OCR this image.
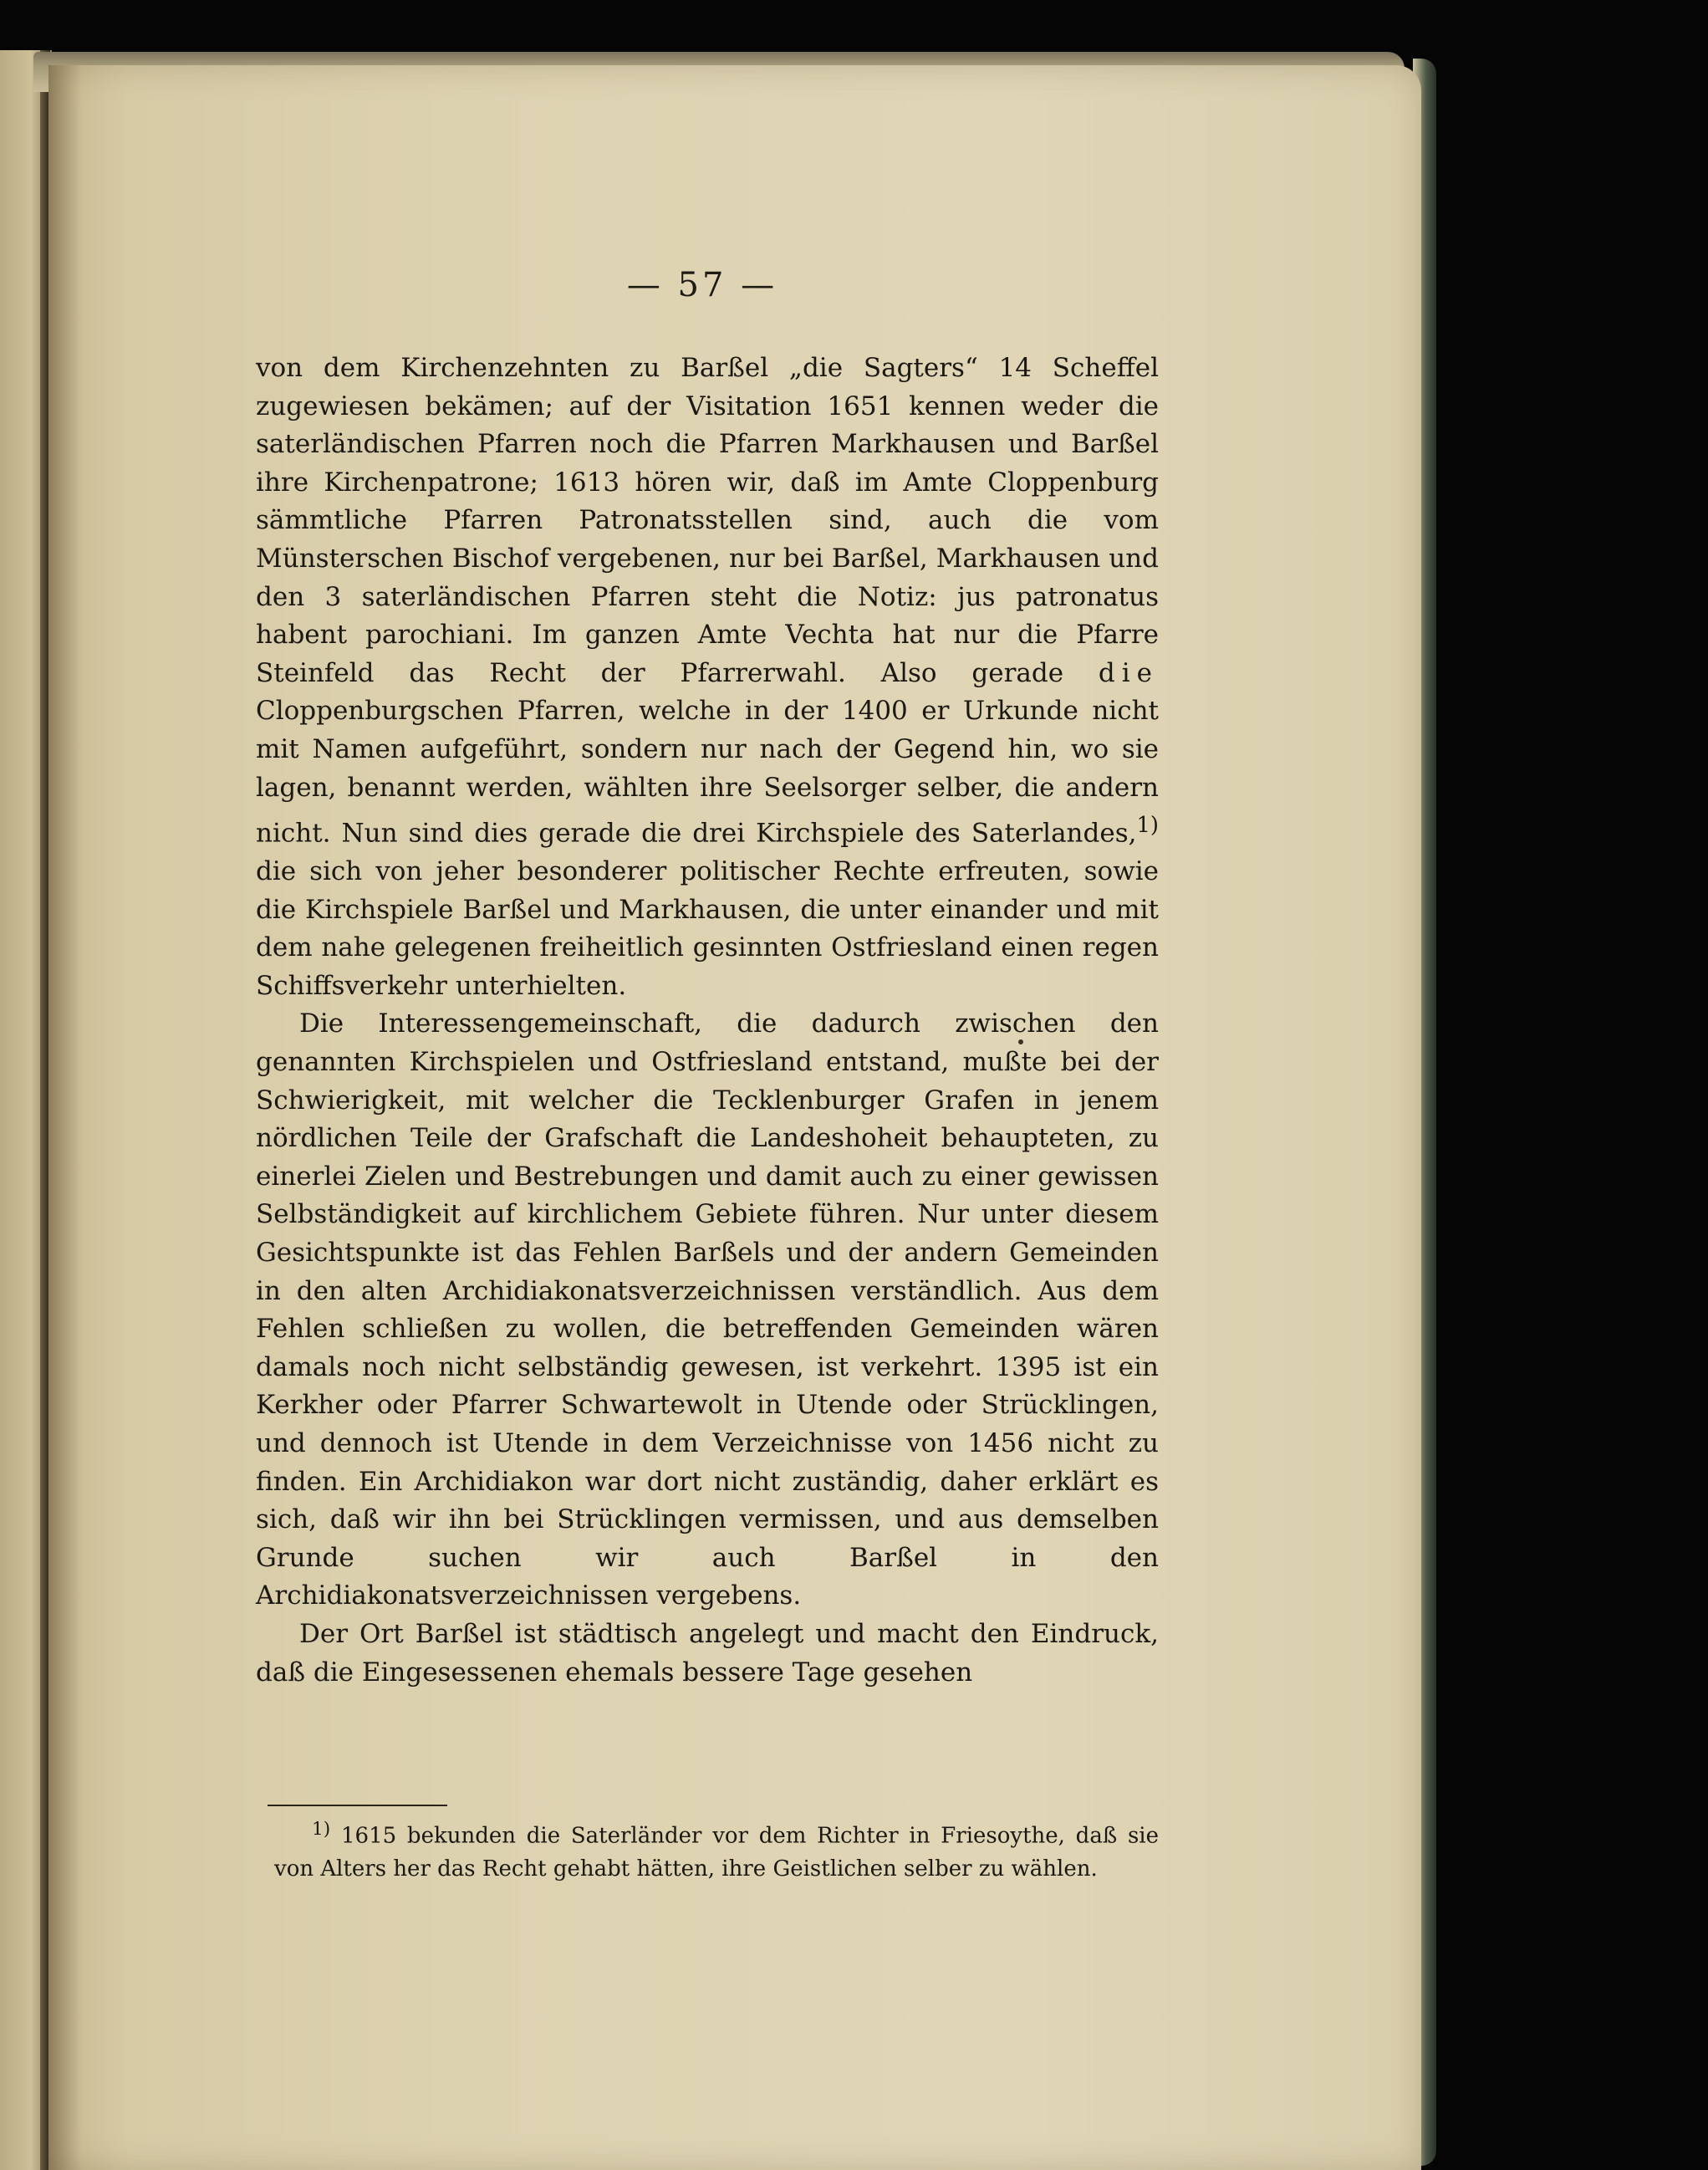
— 57 —

von dem Kirchenzehnten zu Barßel „die Sagters“ 14 Scheffel zugewiesen bekämen; auf der Visitation 1651 kennen weder die saterländischen Pfarren noch die Pfarren Markhausen und Barßel ihre Kirchenpatrone; 1613 hören wir, daß im Amte Cloppenburg sämmtliche Pfarren Patronatsstellen sind, auch die vom Münsterschen Bischof vergebenen, nur bei Barßel, Markhausen und den 3 saterländischen Pfarren steht die Notiz: jus patronatus habent parochiani. Im ganzen Amte Vechta hat nur die Pfarre Steinfeld das Recht der Pfarrerwahl. Also gerade die Cloppenburgschen Pfarren, welche in der 1400 er Urkunde nicht mit Namen aufgeführt, sondern nur nach der Gegend hin, wo sie lagen, benannt werden, wählten ihre Seelsorger selber, die andern nicht. Nun sind dies gerade die drei Kirchspiele des Saterlandes,$^{1)}$ die sich von jeher besonderer politischer Rechte erfreuten, sowie die Kirchspiele Barßel und Markhausen, die unter einander und mit dem nahe gelegenen freiheitlich gesinnten Ostfriesland einen regen Schiffsverkehr unterhielten.

Die Interessengemeinschaft, die dadurch zwischen den genannten Kirchspielen und Ostfriesland entstand, mußte bei der Schwierigkeit, mit welcher die Tecklenburger Grafen in jenem nördlichen Teile der Grafschaft die Landeshoheit behaupteten, zu einerlei Zielen und Bestrebungen und damit auch zu einer gewissen Selbständigkeit auf kirchlichem Gebiete führen. Nur unter diesem Gesichtspunkte ist das Fehlen Barßels und der andern Gemeinden in den alten Archidiakonatsverzeichnissen verständlich. Aus dem Fehlen schließen zu wollen, die betreffenden Gemeinden wären damals noch nicht selbständig gewesen, ist verkehrt. 1395 ist ein Kerkher oder Pfarrer Schwartewolt in Utende oder Strücklingen, und dennoch ist Utende in dem Verzeichnisse von 1456 nicht zu finden. Ein Archidiakon war dort nicht zuständig, daher erklärt es sich, daß wir ihn bei Strücklingen vermissen, und aus demselben Grunde suchen wir auch Barßel in den Archidiakonatsverzeichnissen vergebens.

Der Ort Barßel ist städtisch angelegt und macht den Eindruck, daß die Eingesessenen ehemals bessere Tage gesehen

$^{1)}$ 1615 bekunden die Saterländer vor dem Richter in Friesoythe, daß sie von Alters her das Recht gehabt hätten, ihre Geistlichen selber zu wählen.
